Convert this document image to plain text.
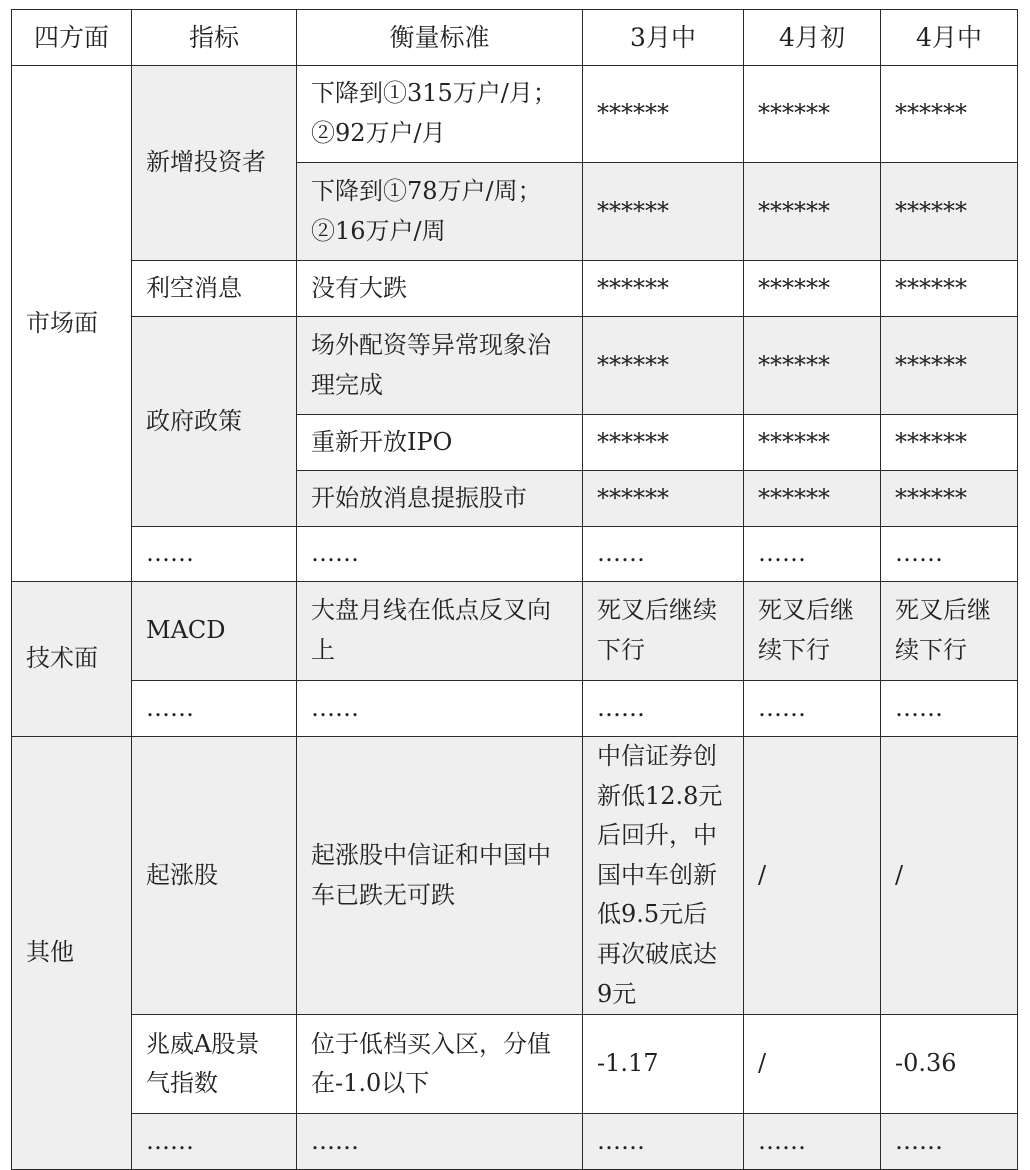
四方面	指标	衡量标准	3月中	4月初	4月中
市场面	新增投资者	下降到①315万户/月；②92万户/月	******	******	******
		下降到①78万户/周；②16万户/周	******	******	******
	利空消息	没有大跌	******	******	******
	政府政策	场外配资等异常现象治理完成	******	******	******
		重新开放IPO	******	******	******
		开始放消息提振股市	******	******	******
	……	……	……	……	……
技术面	MACD	大盘月线在低点反叉向上	死叉后继续下行	死叉后继续下行	死叉后继续下行
	……	……	……	……	……
其他	起涨股	起涨股中信证和中国中车已跌无可跌	中信证券创新低12.8元后回升，中国中车创新低9.5元后再次破底达9元	/	/
	兆威A股景气指数	位于低档买入区，分值在-1.0以下	-1.17	/	-0.36
	……	……	……	……	……
